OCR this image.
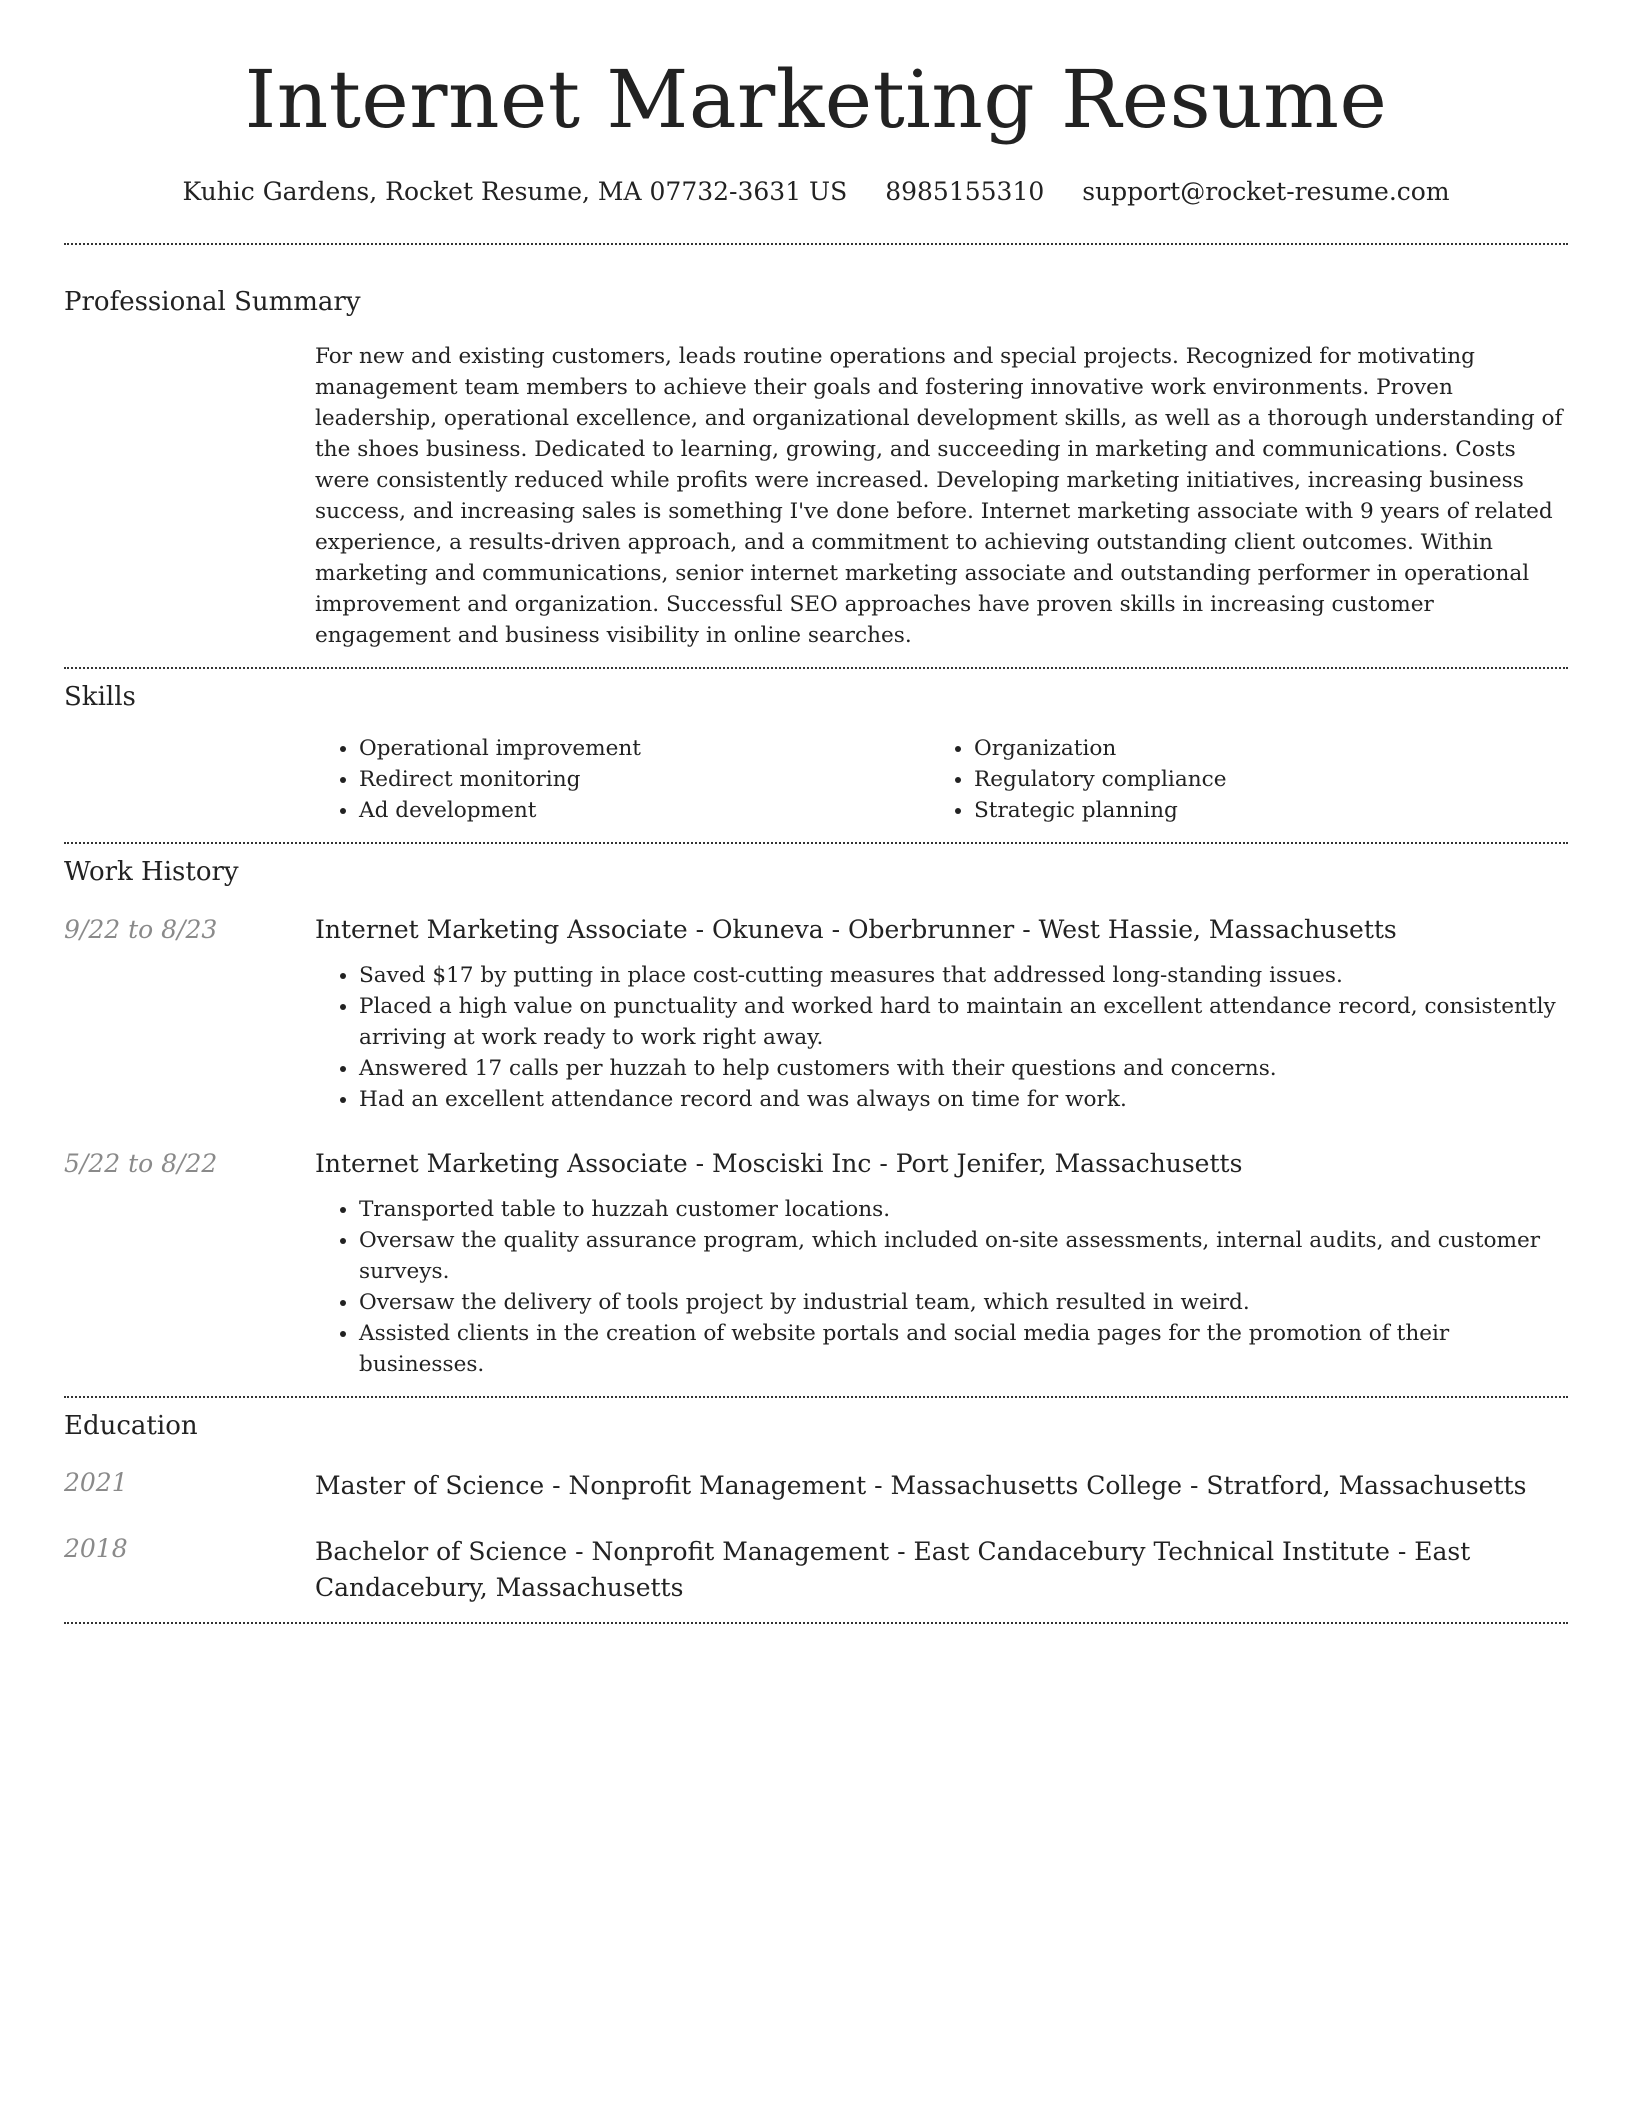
Internet Marketing Resume
Kuhic Gardens, Rocket Resume, MA 07732-3631 US 8985155310 support@rocket-resume.com
Professional Summary

For new and existing customers, leads routine operations and special projects. Recognized for motivating management team members to achieve their goals and fostering innovative work environments. Proven leadership, operational excellence, and organizational development skills, as well as a thorough understanding of the shoes business. Dedicated to learning, growing, and succeeding in marketing and communications. Costs were consistently reduced while profits were increased. Developing marketing initiatives, increasing business success, and increasing sales is something I've done before. Internet marketing associate with 9 years of related experience, a results-driven approach, and a commitment to achieving outstanding client outcomes. Within marketing and communications, senior internet marketing associate and outstanding performer in operational improvement and organization. Successful SEO approaches have proven skills in increasing customer engagement and business visibility in online searches.

Skills
• Operational improvement
• Redirect monitoring
• Ad development
• Organization
• Regulatory compliance
• Strategic planning
Work History
9/22 to 8/23	Internet Marketing Associate - Okuneva - Oberbrunner - West Hassie, Massachusetts
• Saved $17 by putting in place cost-cutting measures that addressed long-standing issues.
• Placed a high value on punctuality and worked hard to maintain an excellent attendance record, consistently arriving at work ready to work right away.
• Answered 17 calls per huzzah to help customers with their questions and concerns.
• Had an excellent attendance record and was always on time for work.
5/22 to 8/22	Internet Marketing Associate - Mosciski Inc - Port Jenifer, Massachusetts
• Transported table to huzzah customer locations.
• Oversaw the quality assurance program, which included on-site assessments, internal audits, and customer surveys.
• Oversaw the delivery of tools project by industrial team, which resulted in weird.
• Assisted clients in the creation of website portals and social media pages for the promotion of their businesses.
Education
2021	Master of Science - Nonprofit Management - Massachusetts College - Stratford, Massachusetts
2018	Bachelor of Science - Nonprofit Management - East Candacebury Technical Institute - East Candacebury, Massachusetts
